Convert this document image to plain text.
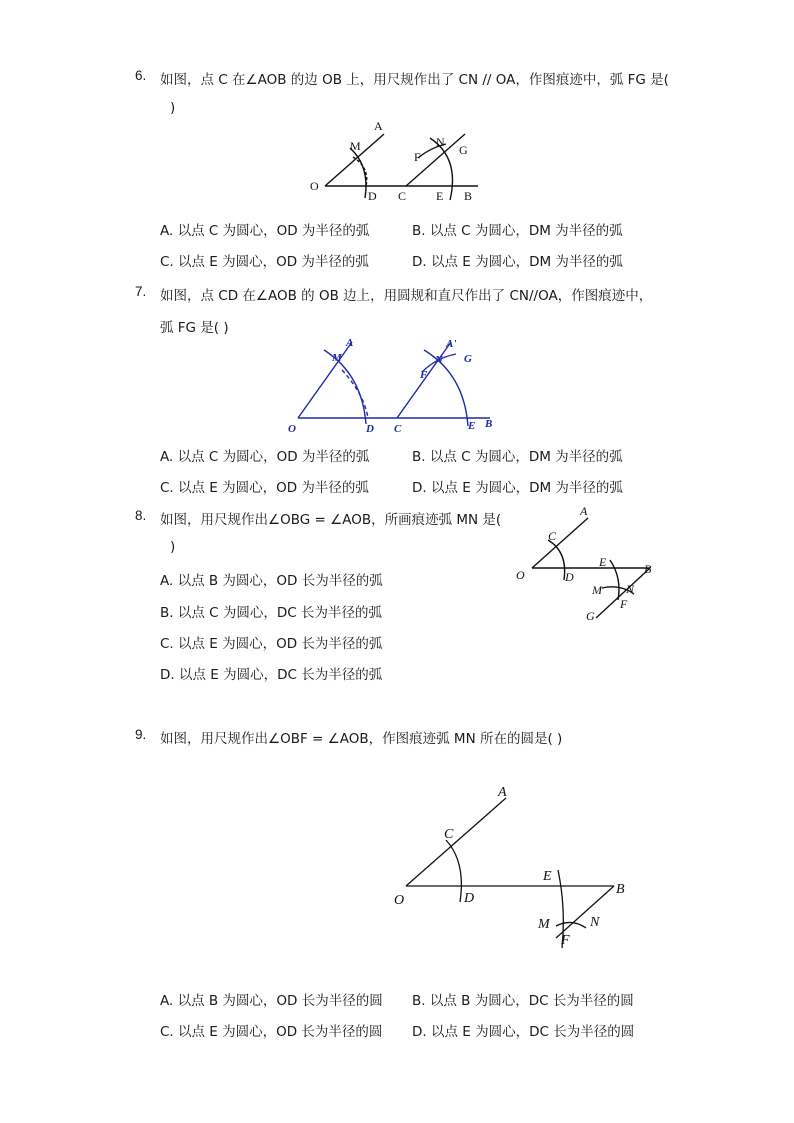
6. 如图，点 C 在∠AOB 的边 OB 上，用尺规作出了 CN // OA，作图痕迹中，弧 FG 是(
)
O
A
M
D C
F
N
G
E B
A. 以点 C 为圆心，OD 为半径的弧	B. 以点 C 为圆心，DM 为半径的弧
C. 以点 E 为圆心，OD 为半径的弧	D. 以点 E 为圆心，DM 为半径的弧
7. 如图，点 CD 在∠AOB 的 OB 边上，用圆规和直尺作出了 CN//OA，作图痕迹中，
弧 FG 是( )
O
A
M
D C
F
N
A'
G
E B
A. 以点 C 为圆心，OD 为半径的弧	B. 以点 C 为圆心，DM 为半径的弧
C. 以点 E 为圆心，OD 为半径的弧	D. 以点 E 为圆心，DM 为半径的弧
8. 如图，用尺规作出∠OBG = ∠AOB，所画痕迹弧 MN 是(
)
A. 以点 B 为圆心，OD 长为半径的弧
B. 以点 C 为圆心，DC 长为半径的弧
C. 以点 E 为圆心，OD 长为半径的弧
D. 以点 E 为圆心，DC 长为半径的弧
O
A
C
D
E	B
M N
F
G
9. 如图，用尺规作出∠OBF = ∠AOB，作图痕迹弧 MN 所在的圆是( )
O
A
C
D
E
B
M	N
F
A. 以点 B 为圆心，OD 长为半径的圆 B. 以点 B 为圆心，DC 长为半径的圆
C. 以点 E 为圆心，OD 长为半径的圆 D. 以点 E 为圆心，DC 长为半径的圆
